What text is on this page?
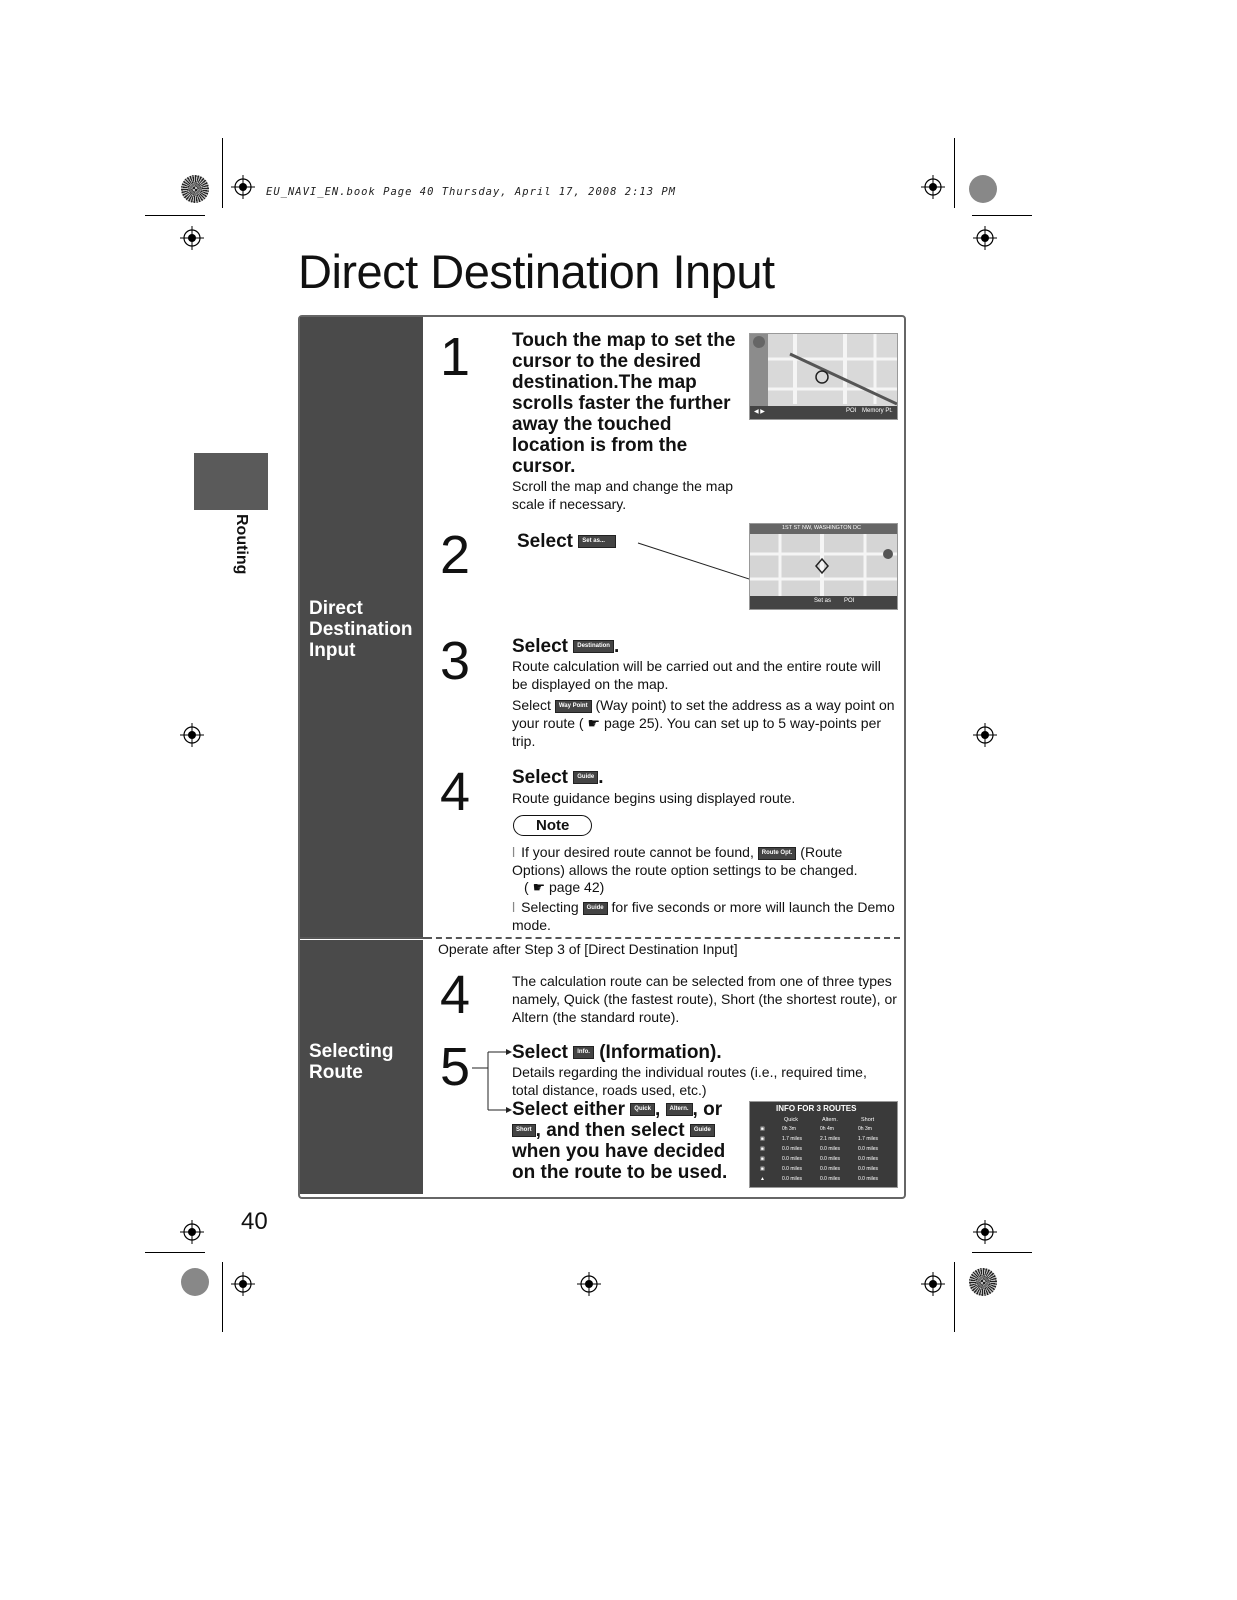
EU_NAVI_EN.book Page 40 Thursday, April 17, 2008 2:13 PM
Direct Destination Input
Routing
40
Direct Destination Input
Selecting Route
1 Touch the map to set the cursor to the desired destination.The map scrolls faster the further away the touched location is from the cursor.
Scroll the map and change the map scale if necessary.
◀ ▶	POI Memory Pt.
2 Select Set as...
1ST ST NW, WASHINGTON DC
Set as POI
3 Select Destination .
Route calculation will be carried out and the entire route will be displayed on the map.
Select Way Point (Way point) to set the address as a way point on your route ( ☛ page 25). You can set up to 5 way-points per trip.
4 Select Guide .
Route guidance begins using displayed route.
Note
l If your desired route cannot be found, Route Opt. (Route Options) allows the route option settings to be changed.
( ☛ page 42)
l Selecting Guide for five seconds or more will launch the Demo mode.
Operate after Step 3 of [Direct Destination Input]
4	The calculation route can be selected from one of three types namely, Quick (the fastest route), Short (the shortest route), or Altern (the standard route).
5 Select Info. (Information).
Details regarding the individual routes (i.e., required time, total distance, roads used, etc.)
Select either Quick , Altern. , or Short , and then select Guide when you have decided on the route to be used.
INFO FOR 3 ROUTES
Quick	Altern.	Short
▣	0h 3m	0h 4m	0h 3m
▣	1.7 miles	2.1 miles	1.7 miles
▣	0.0 miles	0.0 miles	0.0 miles
▣	0.0 miles	0.0 miles	0.0 miles
▣	0.0 miles	0.0 miles	0.0 miles
▲	0.0 miles	0.0 miles	0.0 miles
